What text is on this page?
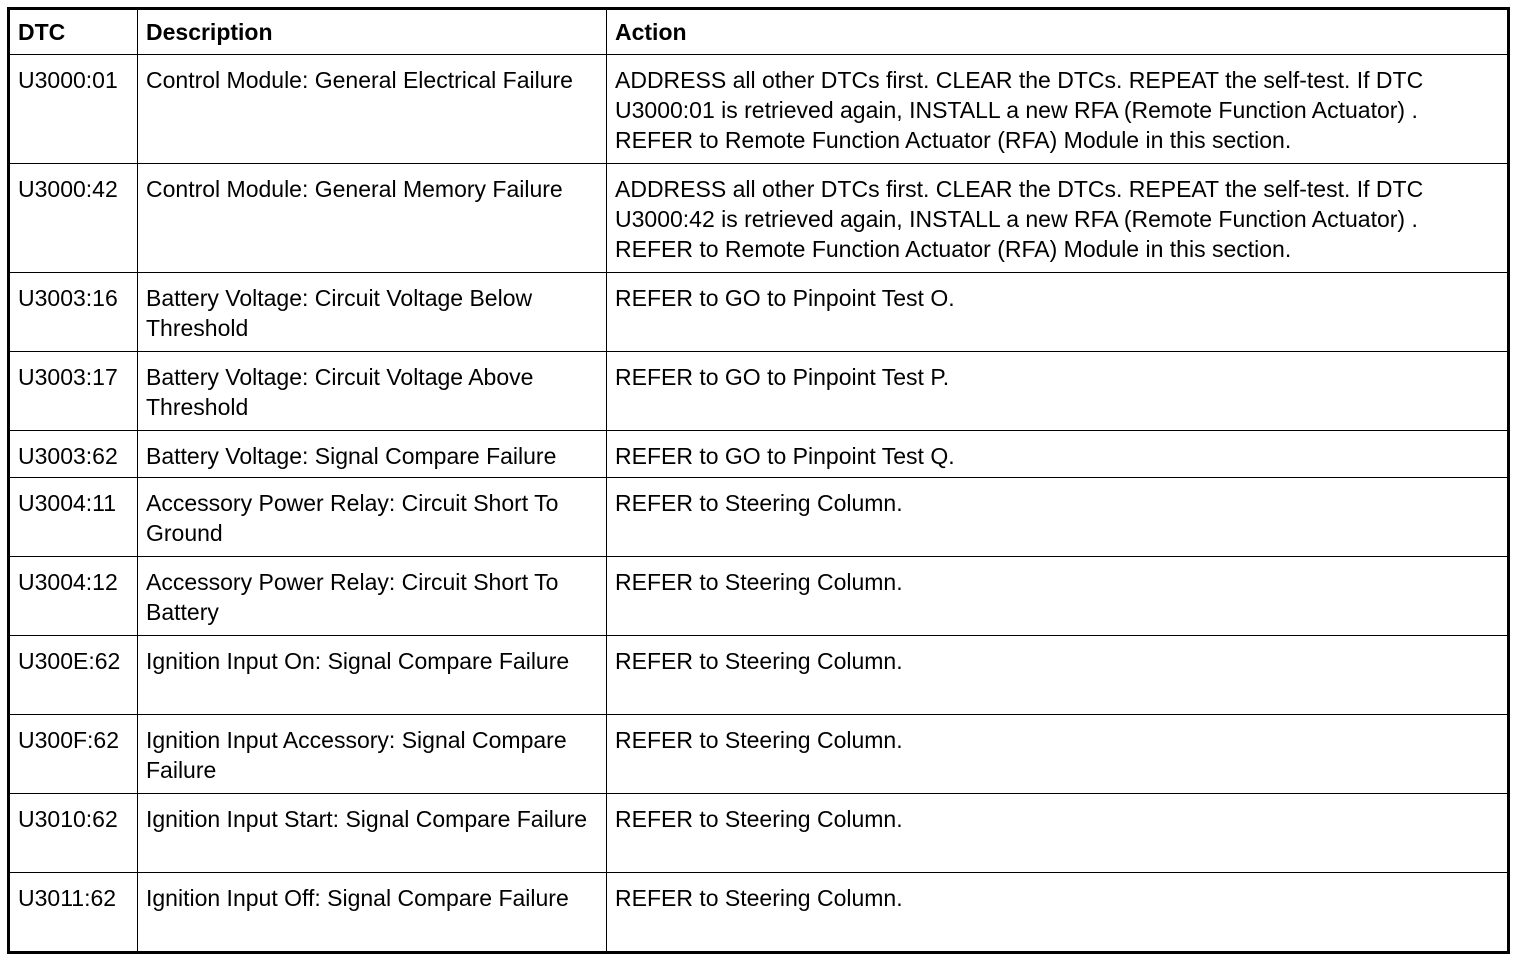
DTC	Description	Action
U3000:01	Control Module: General Electrical Failure	ADDRESS all other DTCs first. CLEAR the DTCs. REPEAT the self-test. If DTC U3000:01 is retrieved again, INSTALL a new RFA (Remote Function Actuator) . REFER to Remote Function Actuator (RFA) Module in this section.
U3000:42	Control Module: General Memory Failure	ADDRESS all other DTCs first. CLEAR the DTCs. REPEAT the self-test. If DTC U3000:42 is retrieved again, INSTALL a new RFA (Remote Function Actuator) . REFER to Remote Function Actuator (RFA) Module in this section.
U3003:16	Battery Voltage: Circuit Voltage Below Threshold	REFER to GO to Pinpoint Test O.
U3003:17	Battery Voltage: Circuit Voltage Above Threshold	REFER to GO to Pinpoint Test P.
U3003:62	Battery Voltage: Signal Compare Failure	REFER to GO to Pinpoint Test Q.
U3004:11	Accessory Power Relay: Circuit Short To Ground	REFER to Steering Column.
U3004:12	Accessory Power Relay: Circuit Short To Battery	REFER to Steering Column.
U300E:62	Ignition Input On: Signal Compare Failure	REFER to Steering Column.
U300F:62	Ignition Input Accessory: Signal Compare Failure	REFER to Steering Column.
U3010:62	Ignition Input Start: Signal Compare Failure	REFER to Steering Column.
U3011:62	Ignition Input Off: Signal Compare Failure	REFER to Steering Column.
